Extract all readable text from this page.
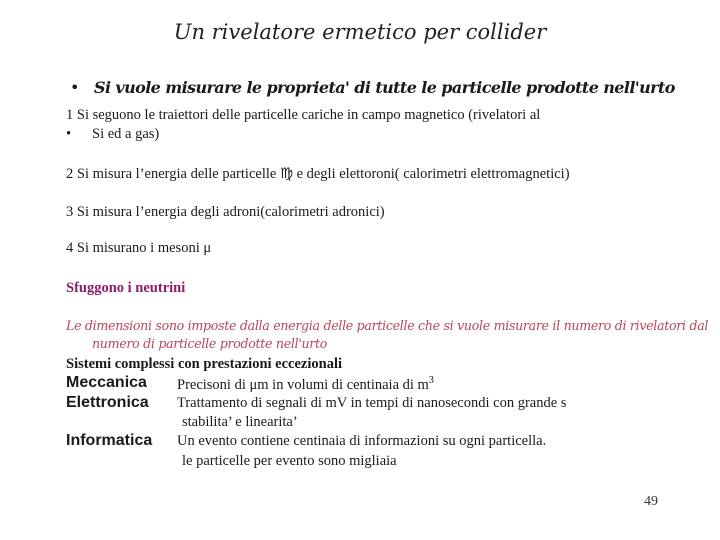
Un rivelatore ermetico per collider
• Si vuole misurare le proprieta' di tutte le particelle prodotte nell'urto
1 Si seguono le traiettori delle particelle cariche in campo magnetico (rivelatori al
• Si ed a gas)
2 Si misura l’energia delle particelle ♍ e degli elettoroni( calorimetri elettromagnetici)
3 Si misura l’energia degli adroni(calorimetri adronici)
4 Si misurano i mesoni μ
Sfuggono i neutrini
Le dimensioni sono imposte dalla energia delle particelle che si vuole misurare il numero di rivelatori dal
numero di particelle prodotte nell'urto
Sistemi complessi con prestazioni eccezionali
Meccanica Precisoni di μm in volumi di centinaia di $m^3$
Elettronica Trattamento di segnali di mV in tempi di nanosecondi con grande s
stabilita’ e linearita’
Informatica Un evento contiene centinaia di informazioni su ogni particella.
le particelle per evento sono migliaia
49
